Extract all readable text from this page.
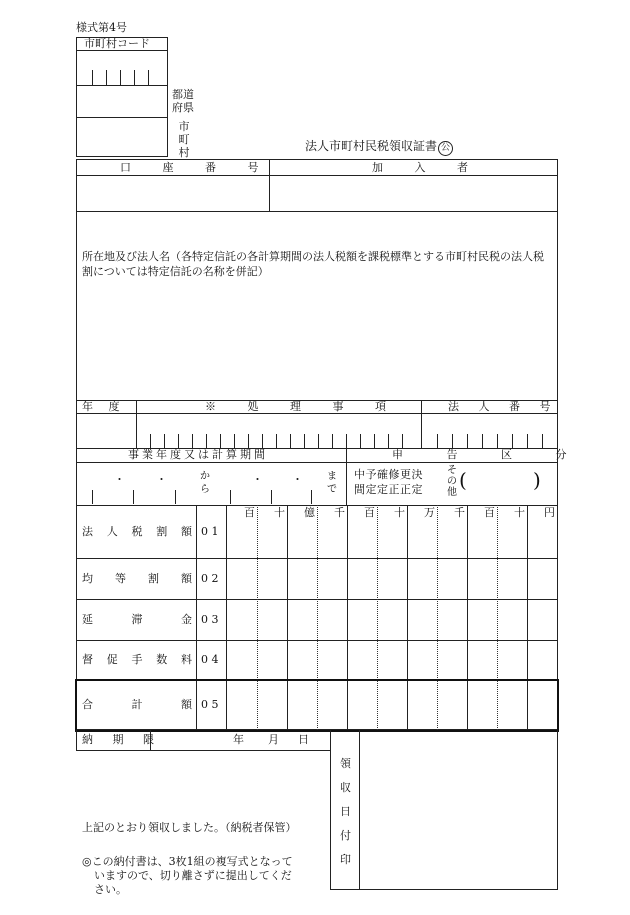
様式第4号
市町村コード
都道府県
市町村	法人市町村民税領収証書 公
口 座 番 号	加 入 者
所在地及び法人名（各特定信託の各計算期間の法人税額を課税標準とする市町村民税の法人税割については特定信託の名称を併記）
年 度	※ 処 理 事 項	法 人 番 号
事業年度又は計算期間	申 告 区 分
・	・	から
・	・ まで
中予確修更決
間定定正正定
その他
(	)
百 十 億 千 百 十 万 千 百 十 円
法 人 税 割 額 0 1
均 等 割 額 0 2
延	滞	金 0 3
督 促 手 数 料 0 4
合	計	額 0 5
納 期 限	年 月 日
領収日付印
上記のとおり領収しました。（納税者保管）
◎この納付書は、3枚1組の複写式となって
いますので、切り離さずに提出してくだ
さい。
